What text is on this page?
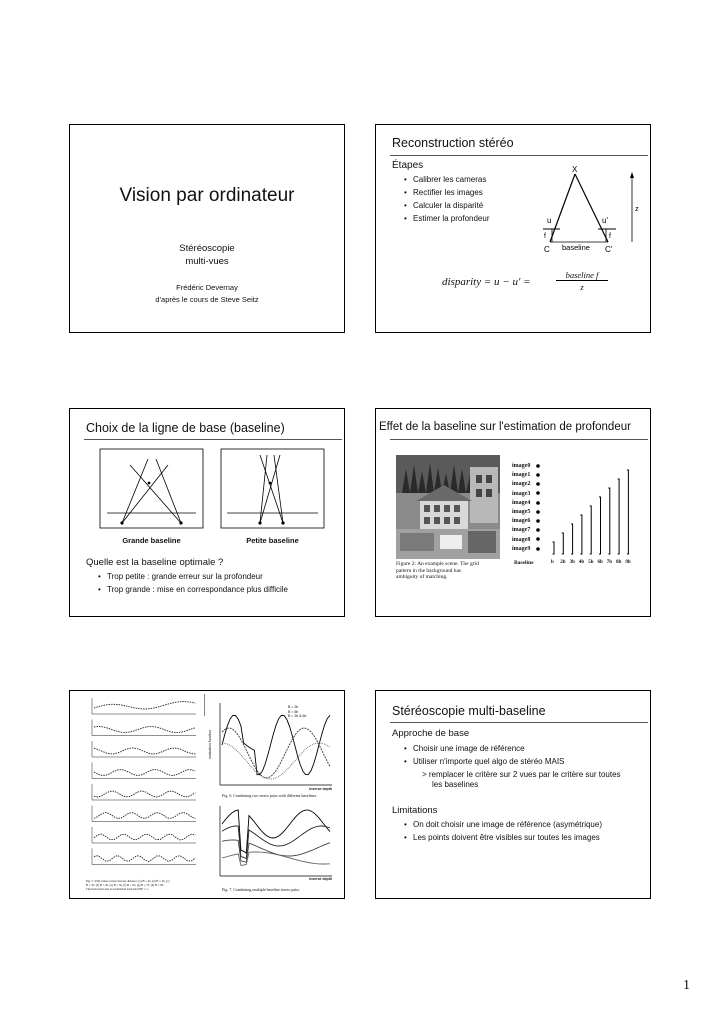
Vision par ordinateur
Stéréoscopie
multi-vues
Frédéric Devernay
d'après le cours de Steve Seitz
Reconstruction stéréo
Étapes
• Calibrer les cameras
• Rectifier les images
• Calculer la disparité
• Estimer la profondeur
X
u	u'
f	f
C	C'
baseline
z
disparity = u − u′ =
baseline f
z
Choix de la ligne de base (baseline)
Grande baseline	Petite baseline
Quelle est la baseline optimale ?
• Trop petite : grande erreur sur la profondeur
• Trop grande : mise en correspondance plus difficile
Effet de la baseline sur l'estimation de profondeur
Figure 2: An example scene. The grid
pattern in the background has
ambiguity of matching.
image0
image1
image2
image3
image4
image5
image6
image7
image8
image9
Baseline	b 2b 3b 4b 5b 6b 7b 8b 9b
Fig. 5. SSD values versus inverse distance: (a) B = 4b, (b) B = 2b, (c)
B = 3b, (d) B = 4b, (e) B = 5b, (f) B = 6b, (g) B = 7b, (h) B = 8b.
The horizontal axis is normalized such that 8bF = 1.
evaluation function
inverse depth
B = 2b
B = 6b
B = 2b & 6b
Fig. 6. Combining two stereo pairs with different baselines.
inverse depth
Fig. 7. Combining multiple baseline stereo pairs.
Stéréoscopie multi-baseline
Approche de base
• Choisir une image de référence
• Utiliser n'importe quel algo de stéréo MAIS
> remplacer le critère sur 2 vues par le critère sur toutes
les baselines
Limitations
• On doit choisir une image de référence (asymétrique)
• Les points doivent être visibles sur toutes les images
1
